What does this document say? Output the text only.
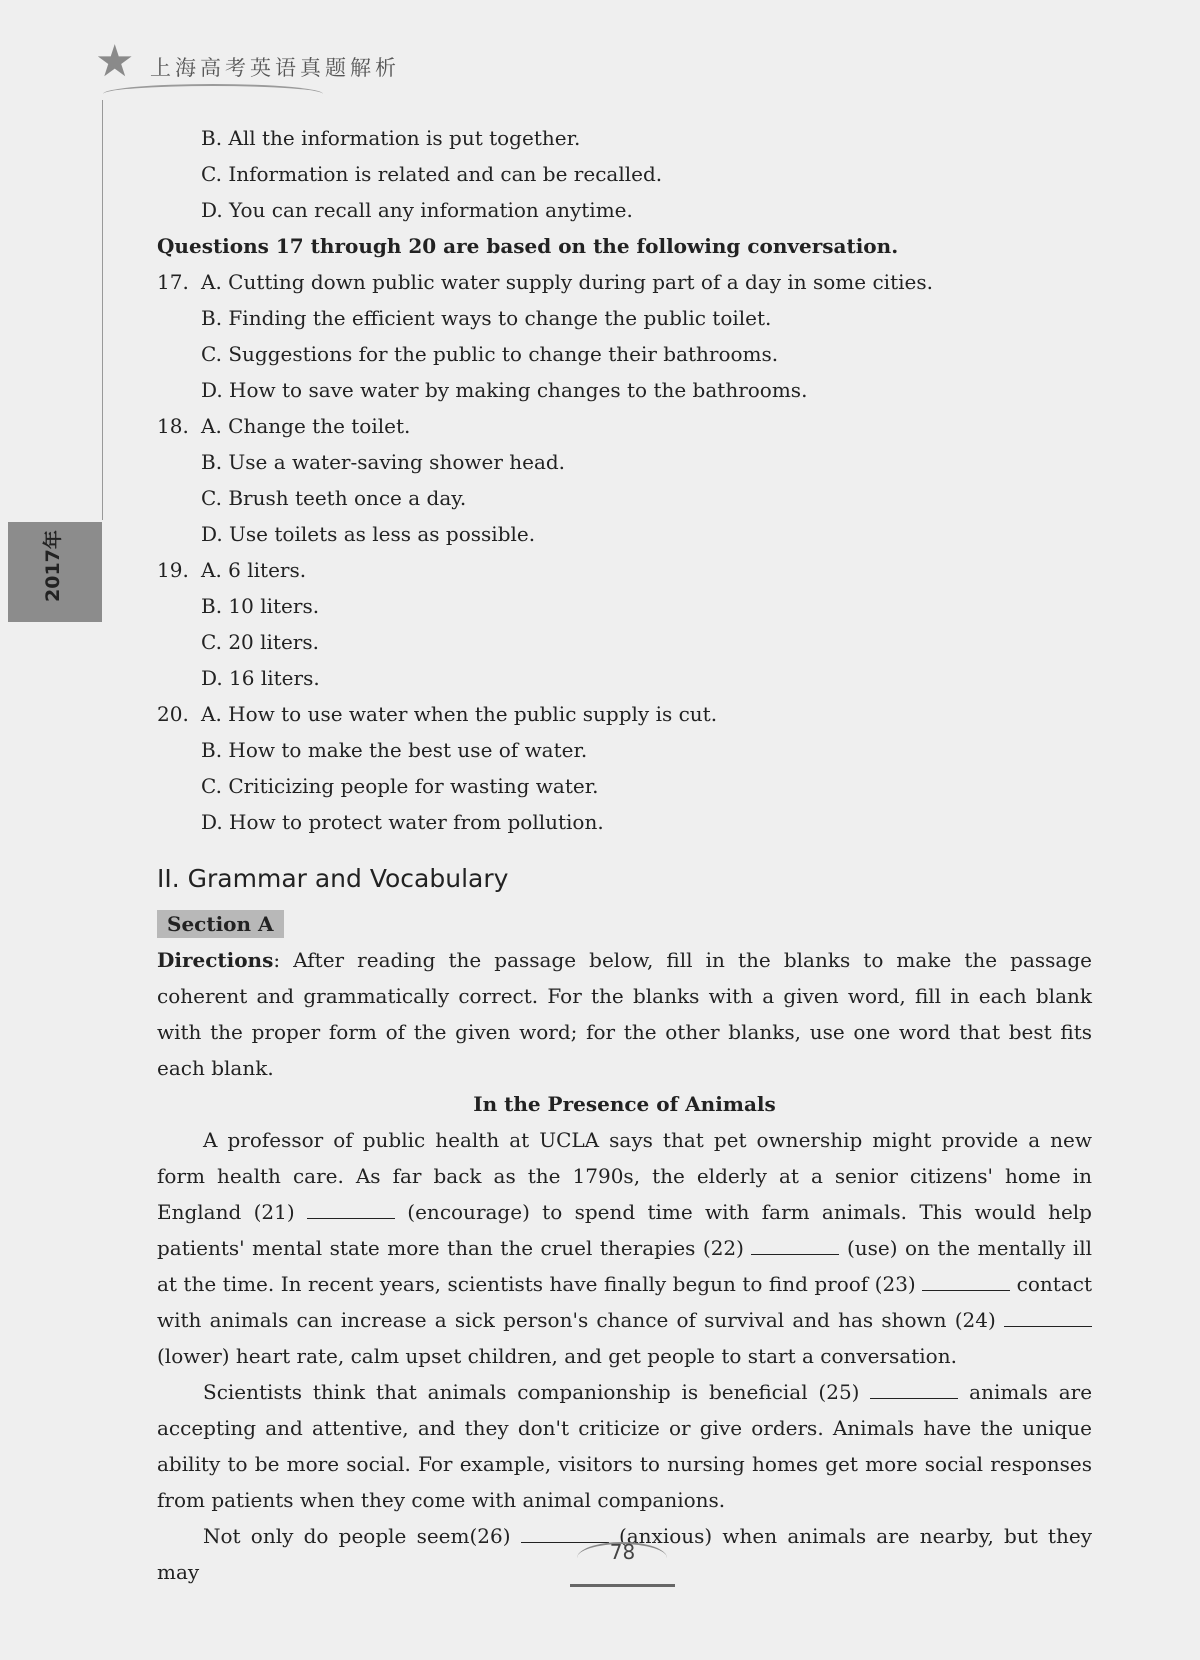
★ 上海高考英语真题解析
2017年
B. All the information is put together.
C. Information is related and can be recalled.
D. You can recall any information anytime.
Questions 17 through 20 are based on the following conversation.
17. A. Cutting down public water supply during part of a day in some cities.
B. Finding the efficient ways to change the public toilet.
C. Suggestions for the public to change their bathrooms.
D. How to save water by making changes to the bathrooms.
18. A. Change the toilet.
B. Use a water-saving shower head.
C. Brush teeth once a day.
D. Use toilets as less as possible.
19. A. 6 liters.
B. 10 liters.
C. 20 liters.
D. 16 liters.
20. A. How to use water when the public supply is cut.
B. How to make the best use of water.
C. Criticizing people for wasting water.
D. How to protect water from pollution.
II. Grammar and Vocabulary
Section A
Directions: After reading the passage below, fill in the blanks to make the passage coherent and grammatically correct. For the blanks with a given word, fill in each blank with the proper form of the given word; for the other blanks, use one word that best fits each blank.
In the Presence of Animals
A professor of public health at UCLA says that pet ownership might provide a new form health care. As far back as the 1790s, the elderly at a senior citizens' home in England (21)	(encourage) to spend time with farm animals. This would help patients' mental state more than the cruel therapies (22)	(use) on the mentally ill at the time. In recent years, scientists have finally begun to find proof (23)	contact with animals can increase a sick person's chance of survival and has shown (24)  (lower) heart rate, calm upset children, and get people to start a conversation.
Scientists think that animals companionship is beneficial (25)	animals are accepting and attentive, and they don't criticize or give orders. Animals have the unique ability to be more social. For example, visitors to nursing homes get more social responses from patients when they come with animal companions.
Not only do people seem(26)	(anxious) when animals are nearby, but they may
78
